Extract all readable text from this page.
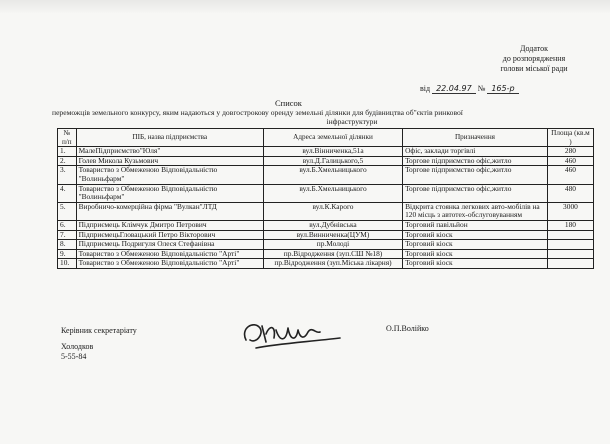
Додаток
до розпорядження
голови міської ради
від 22.04.97 № 165-р
Список
переможців земельного конкурсу, яким надаються у довгострокову оренду земельні ділянки для будівництва об"єктів ринкової
інфраструктури
№ п/п	ПІБ, назва підприємства	Адреса земельної ділянки	Призначення	Площа (кв.м )
1.	МалеПідприємство"Юля"	вул.Вінниченка,51а	Офіс, заклади торгівлі	280
2.	Голев Микола Кузьмович	вул.Д.Галицького,5	Торгове підприємство офіс,житло	460
3.	Товариство з Обмеженою Відповідальністю "Волиньфарм"	вул.Б.Хмельницького	Торгове підприємство офіс,житло	460
4.	Товариство з Обмеженою Відповідальністю "Волиньфарм"	вул.Б.Хмельницького	Торгове підприємство офіс,житло	480
5.	Виробничо-комерційна фірма "Вулкан"ЛТД	вул.К.Карого	Відкрита стоянка легкових авто-мобілів на 120 місць з автотех-обслуговуванням	3000
6.	Підприємець Клімчук Дмитро Петрович	вул.Дубнівська	Торговий павільйон	180
7.	ПідприємецьГловацький Петро Вікторович	вул.Винниченка(ЦУМ)	Торговий кіоск	
8.	Підприємець Подригуля Олеся Стефанівна	пр.Молоді	Торговий кіоск	
9.	Товариство з Обмеженою Відповідальністю "Арті"	пр.Відродження (зуп.СШ №18)	Торговий кіоск	
10.	Товариство з Обмеженою Відповідальністю "Арті"	пр.Відродження (зуп.Міська лікарня)	Торговий кіоск	
Керівник секретаріату	О.П.Волійко
Холодков
5-55-84
